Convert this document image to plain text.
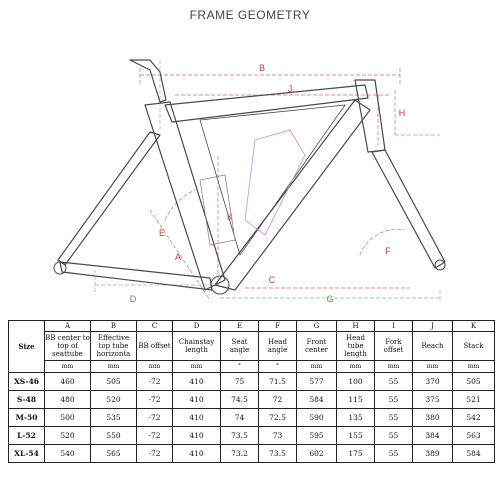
FRAME GEOMETRY
B
J
H
K
A
E
F
C
D	G
Size	A	B	C	D	E	F	G	H	I	J	K
	BB center to top of seattube	Effective top tube horizonta	BB offset	Chainstay length	Seat angle	Head angle	Front center	Head tube length	Fork offset	Reach	Stack
	mm	mm	mm	mm	°	°	mm	mm	mm	mm	mm
XS-46	460	505	-72	410	75	71.5	577	100	55	370	505
S-48	480	520	-72	410	74.5	72	584	115	55	375	521
M-50	500	535	-72	410	74	72.5	590	135	55	380	542
L-52	520	550	-72	410	73.5	73	595	155	55	384	563
XL-54	540	565	-72	410	73.2	73.5	602	175	55	389	584
